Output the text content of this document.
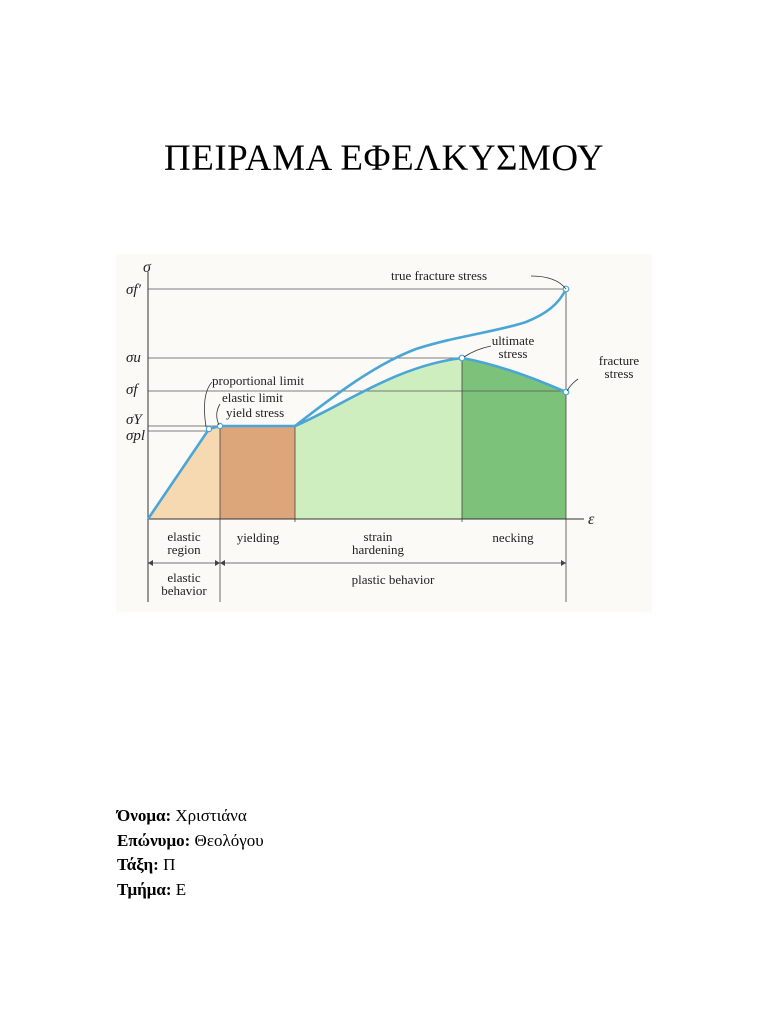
ΠΕΙΡΑΜΑ ΕΦΕΛΚΥΣΜΟΥ
σ
ε
σf′
σu
σf
σY
σpl
true fracture stress
ultimate
stress	fracture
stress
proportional limit
elastic limit
yield stress
elastic
region
yielding	strain
hardening
necking
elastic
behavior
plastic behavior
Όνομα: Χριστιάνα
Επώνυμο: Θεολόγου
Τάξη: Π
Τμήμα: Ε
